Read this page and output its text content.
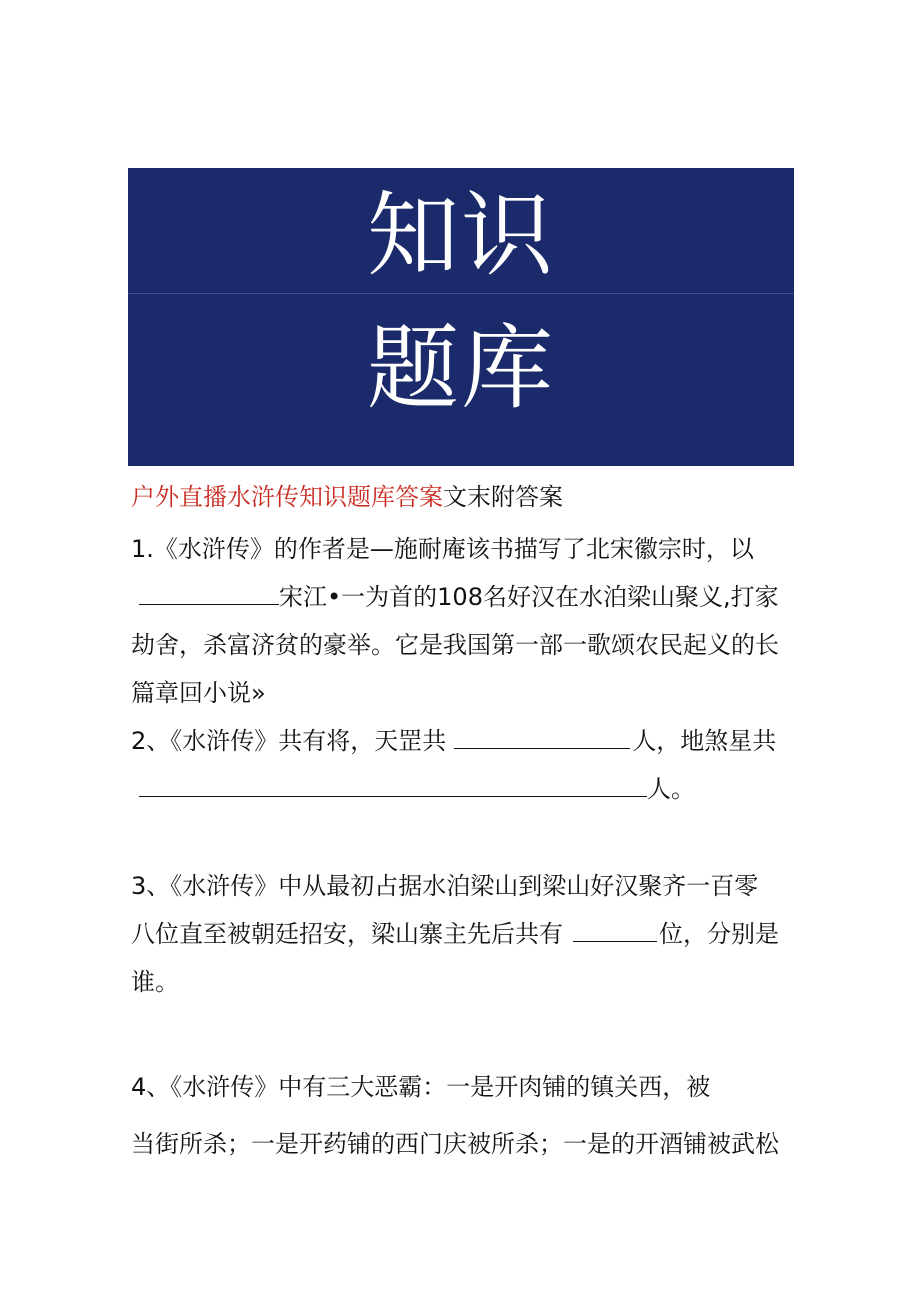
知识
题库
户外直播水浒传知识题库答案文末附答案
1.《水浒传》的作者是—施耐庵该书描写了北宋徽宗时，以
宋江•一为首的108名好汉在水泊梁山聚义,打家
劫舍，杀富济贫的豪举。它是我国第一部一歌颂农民起义的长
篇章回小说»
2、《水浒传》共有将，天罡共	人，地煞星共
人。
3、《水浒传》中从最初占据水泊梁山到梁山好汉聚齐一百零
八位直至被朝廷招安，梁山寨主先后共有	位，分别是
谁。
4、《水浒传》中有三大恶霸：一是开肉铺的镇关西，被
当街所杀；一是开药铺的西门庆被所杀；一是的开酒铺被武松
